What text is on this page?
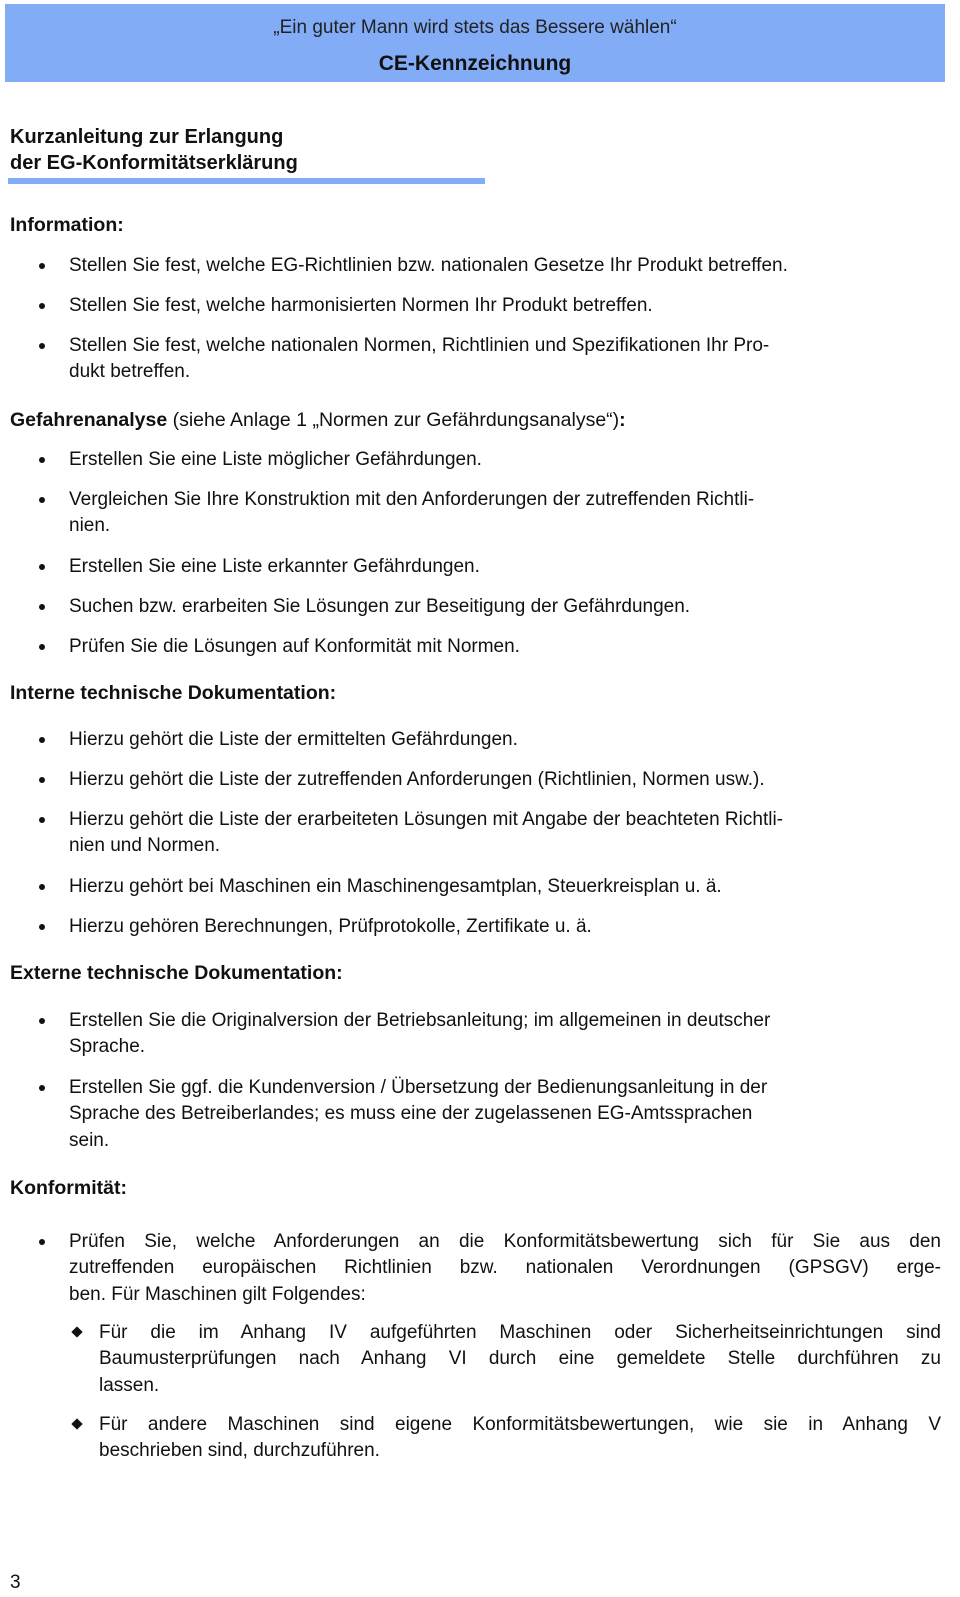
„Ein guter Mann wird stets das Bessere wählen“
CE-Kennzeichnung
Kurzanleitung zur Erlangung
der EG-Konformitätserklärung
Information:
Stellen Sie fest, welche EG-Richtlinien bzw. nationalen Gesetze Ihr Produkt betreffen.
Stellen Sie fest, welche harmonisierten Normen Ihr Produkt betreffen.
Stellen Sie fest, welche nationalen Normen, Richtlinien und Spezifikationen Ihr Pro-
dukt betreffen.
Gefahrenanalyse (siehe Anlage 1 „Normen zur Gefährdungsanalyse“):
Erstellen Sie eine Liste möglicher Gefährdungen.
Vergleichen Sie Ihre Konstruktion mit den Anforderungen der zutreffenden Richtli-
nien.
Erstellen Sie eine Liste erkannter Gefährdungen.
Suchen bzw. erarbeiten Sie Lösungen zur Beseitigung der Gefährdungen.
Prüfen Sie die Lösungen auf Konformität mit Normen.
Interne technische Dokumentation:
Hierzu gehört die Liste der ermittelten Gefährdungen.
Hierzu gehört die Liste der zutreffenden Anforderungen (Richtlinien, Normen usw.).
Hierzu gehört die Liste der erarbeiteten Lösungen mit Angabe der beachteten Richtli-
nien und Normen.
Hierzu gehört bei Maschinen ein Maschinengesamtplan, Steuerkreisplan u. ä.
Hierzu gehören Berechnungen, Prüfprotokolle, Zertifikate u. ä.
Externe technische Dokumentation:
Erstellen Sie die Originalversion der Betriebsanleitung; im allgemeinen in deutscher
Sprache.
Erstellen Sie ggf. die Kundenversion / Übersetzung der Bedienungsanleitung in der
Sprache des Betreiberlandes; es muss eine der zugelassenen EG-Amtssprachen
sein.
Konformität:
Prüfen Sie, welche Anforderungen an die Konformitätsbewertung sich für Sie aus den
zutreffenden europäischen Richtlinien bzw. nationalen Verordnungen (GPSGV) erge-
ben. Für Maschinen gilt Folgendes:
Für die im Anhang IV aufgeführten Maschinen oder Sicherheitseinrichtungen sind
Baumusterprüfungen nach Anhang VI durch eine gemeldete Stelle durchführen zu
lassen.
Für andere Maschinen sind eigene Konformitätsbewertungen, wie sie in Anhang V
beschrieben sind, durchzuführen.
3
